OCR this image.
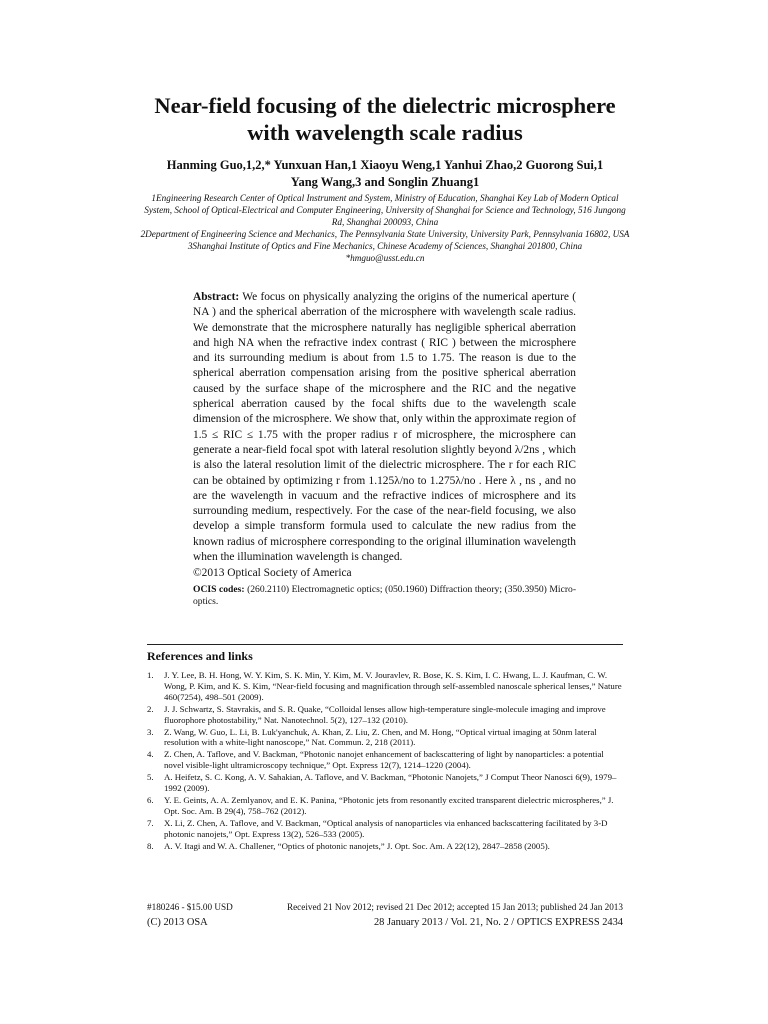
Near-field focusing of the dielectric microsphere
with wavelength scale radius
Hanming Guo,1,2,* Yunxuan Han,1 Xiaoyu Weng,1 Yanhui Zhao,2 Guorong Sui,1
Yang Wang,3 and Songlin Zhuang1
1Engineering Research Center of Optical Instrument and System, Ministry of Education, Shanghai Key Lab of Modern Optical System, School of Optical-Electrical and Computer Engineering, University of Shanghai for Science and Technology, 516 Jungong Rd, Shanghai 200093, China
2Department of Engineering Science and Mechanics, The Pennsylvania State University, University Park, Pennsylvania 16802, USA
3Shanghai Institute of Optics and Fine Mechanics, Chinese Academy of Sciences, Shanghai 201800, China
*hmguo@usst.edu.cn
Abstract: We focus on physically analyzing the origins of the numerical aperture ( NA ) and the spherical aberration of the microsphere with wavelength scale radius. We demonstrate that the microsphere naturally has negligible spherical aberration and high NA when the refractive index contrast ( RIC ) between the microsphere and its surrounding medium is about from 1.5 to 1.75. The reason is due to the spherical aberration compensation arising from the positive spherical aberration caused by the surface shape of the microsphere and the RIC and the negative spherical aberration caused by the focal shifts due to the wavelength scale dimension of the microsphere. We show that, only within the approximate region of 1.5 ≤ RIC ≤ 1.75 with the proper radius r of microsphere, the microsphere can generate a near-field focal spot with lateral resolution slightly beyond λ/2ns , which is also the lateral resolution limit of the dielectric microsphere. The r for each RIC can be obtained by optimizing r from 1.125λ/no to 1.275λ/no . Here λ , ns , and no are the wavelength in vacuum and the refractive indices of microsphere and its surrounding medium, respectively. For the case of the near-field focusing, we also develop a simple transform formula used to calculate the new radius from the known radius of microsphere corresponding to the original illumination wavelength when the illumination wavelength is changed.
©2013 Optical Society of America
OCIS codes: (260.2110) Electromagnetic optics; (050.1960) Diffraction theory; (350.3950) Micro-optics.
References and links
1.	J. Y. Lee, B. H. Hong, W. Y. Kim, S. K. Min, Y. Kim, M. V. Jouravlev, R. Bose, K. S. Kim, I. C. Hwang, L. J. Kaufman, C. W. Wong, P. Kim, and K. S. Kim, “Near-field focusing and magnification through self-assembled nanoscale spherical lenses,” Nature 460(7254), 498–501 (2009).
2.	J. J. Schwartz, S. Stavrakis, and S. R. Quake, “Colloidal lenses allow high-temperature single-molecule imaging and improve fluorophore photostability,” Nat. Nanotechnol. 5(2), 127–132 (2010).
3.	Z. Wang, W. Guo, L. Li, B. Luk'yanchuk, A. Khan, Z. Liu, Z. Chen, and M. Hong, “Optical virtual imaging at 50nm lateral resolution with a white-light nanoscope,” Nat. Commun. 2, 218 (2011).
4.	Z. Chen, A. Taflove, and V. Backman, “Photonic nanojet enhancement of backscattering of light by nanoparticles: a potential novel visible-light ultramicroscopy technique,” Opt. Express 12(7), 1214–1220 (2004).
5.	A. Heifetz, S. C. Kong, A. V. Sahakian, A. Taflove, and V. Backman, “Photonic Nanojets,” J Comput Theor Nanosci 6(9), 1979–1992 (2009).
6.	Y. E. Geints, A. A. Zemlyanov, and E. K. Panina, “Photonic jets from resonantly excited transparent dielectric microspheres,” J. Opt. Soc. Am. B 29(4), 758–762 (2012).
7.	X. Li, Z. Chen, A. Taflove, and V. Backman, “Optical analysis of nanoparticles via enhanced backscattering facilitated by 3-D photonic nanojets,” Opt. Express 13(2), 526–533 (2005).
8.	A. V. Itagi and W. A. Challener, “Optics of photonic nanojets,” J. Opt. Soc. Am. A 22(12), 2847–2858 (2005).
#180246 - $15.00 USD	Received 21 Nov 2012; revised 21 Dec 2012; accepted 15 Jan 2013; published 24 Jan 2013
(C) 2013 OSA	28 January 2013 / Vol. 21, No. 2 / OPTICS EXPRESS 2434
